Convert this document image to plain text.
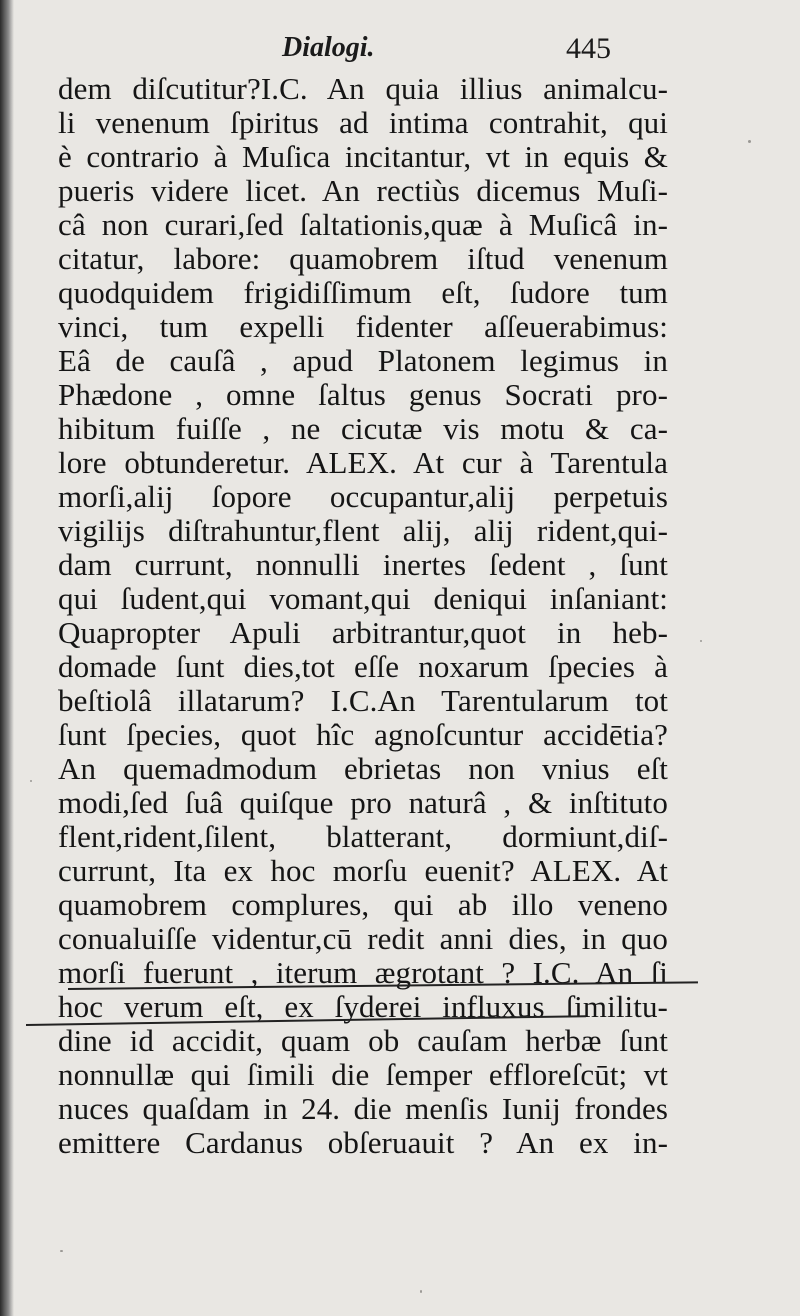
Dialogi.	445
dem diſcutitur?I.C. An quia illius animalcu-
li venenum ſpiritus ad intima contrahit, qui
è contrario à Muſica incitantur, vt in equis &
pueris videre licet. An rectiùs dicemus Muſi-
câ non curari,ſed ſaltationis,quæ à Muſicâ in-
citatur, labore: quamobrem iſtud venenum
quodquidem frigidiſſimum eſt, ſudore tum
vinci, tum expelli fidenter aſſeuerabimus:
Eâ de cauſâ , apud Platonem legimus in
Phædone , omne ſaltus genus Socrati pro-
hibitum fuiſſe , ne cicutæ vis motu & ca-
lore obtunderetur. ALEX. At cur à Tarentula
morſi,alij ſopore occupantur,alij perpetuis
vigilijs diſtrahuntur,flent alij, alij rident,qui-
dam currunt, nonnulli inertes ſedent , ſunt
qui ſudent,qui vomant,qui deniqui inſaniant:
Quapropter Apuli arbitrantur,quot in heb-
domade ſunt dies,tot eſſe noxarum ſpecies à
beſtiolâ illatarum? I.C.An Tarentularum tot
ſunt ſpecies, quot hîc agnoſcuntur accidētia?
An quemadmodum ebrietas non vnius eſt
modi,ſed ſuâ quiſque pro naturâ , & inſtituto
flent,rident,ſilent, blatterant, dormiunt,diſ-
currunt, Ita ex hoc morſu euenit? ALEX. At
quamobrem complures, qui ab illo veneno
conualuiſſe videntur,cū redit anni dies, in quo
morſi fuerunt , iterum ægrotant ? I.C. An ſi
hoc verum eſt, ex ſyderei influxus ſimilitu-
dine id accidit, quam ob cauſam herbæ ſunt
nonnullæ qui ſimili die ſemper effloreſcūt; vt
nuces quaſdam in 24. die menſis Iunij frondes
emittere Cardanus obſeruauit ? An ex in-
